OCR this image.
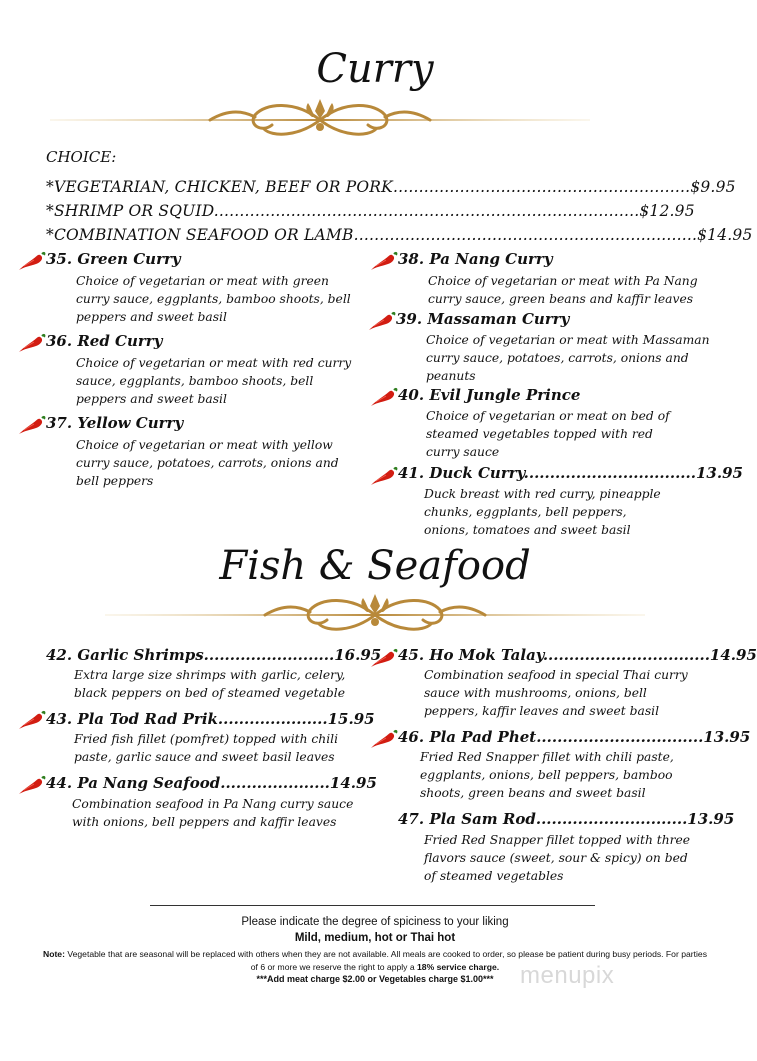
Curry
CHOICE:
*VEGETARIAN, CHICKEN, BEEF OR PORK..........................................................$9.95
*SHRIMP OR SQUID...................................................................................$12.95
*COMBINATION SEAFOOD OR LAMB...................................................................$14.95
35. Green Curry
Choice of vegetarian or meat with green curry sauce, eggplants, bamboo shoots, bell peppers and sweet basil
36. Red Curry
Choice of vegetarian or meat with red curry sauce, eggplants, bamboo shoots, bell peppers and sweet basil
37. Yellow Curry
Choice of vegetarian or meat with yellow curry sauce, potatoes, carrots, onions and bell peppers
38. Pa Nang Curry
Choice of vegetarian or meat with Pa Nang curry sauce, green beans and kaffir leaves
39. Massaman Curry
Choice of vegetarian or meat with Massaman curry sauce, potatoes, carrots, onions and peanuts
40. Evil Jungle Prince
Choice of vegetarian or meat on bed of steamed vegetables topped with red curry sauce
41. Duck Curry.................................13.95
Duck breast with red curry, pineapple chunks, eggplants, bell peppers, onions, tomatoes and sweet basil
Fish & Seafood
42. Garlic Shrimps.........................16.95
Extra large size shrimps with garlic, celery, black peppers on bed of steamed vegetable
43. Pla Tod Rad Prik.....................15.95
Fried fish fillet (pomfret) topped with chili paste, garlic sauce and sweet basil leaves
44. Pa Nang Seafood.....................14.95
Combination seafood in Pa Nang curry sauce with onions, bell peppers and kaffir leaves
45. Ho Mok Talay................................14.95
Combination seafood in special Thai curry sauce with mushrooms, onions, bell peppers, kaffir leaves and sweet basil
46. Pla Pad Phet................................13.95
Fried Red Snapper fillet with chili paste, eggplants, onions, bell peppers, bamboo shoots, green beans and sweet basil
47. Pla Sam Rod.............................13.95
Fried Red Snapper fillet topped with three flavors sauce (sweet, sour & spicy) on bed of steamed vegetables
Please indicate the degree of spiciness to your liking
Mild, medium, hot or Thai hot
Note: Vegetable that are seasonal will be replaced with others when they are not available. All meals are cooked to order, so please be patient during busy periods. For parties of 6 or more we reserve the right to apply a 18% service charge.
***Add meat charge $2.00 or Vegetables charge $1.00***	menupix
